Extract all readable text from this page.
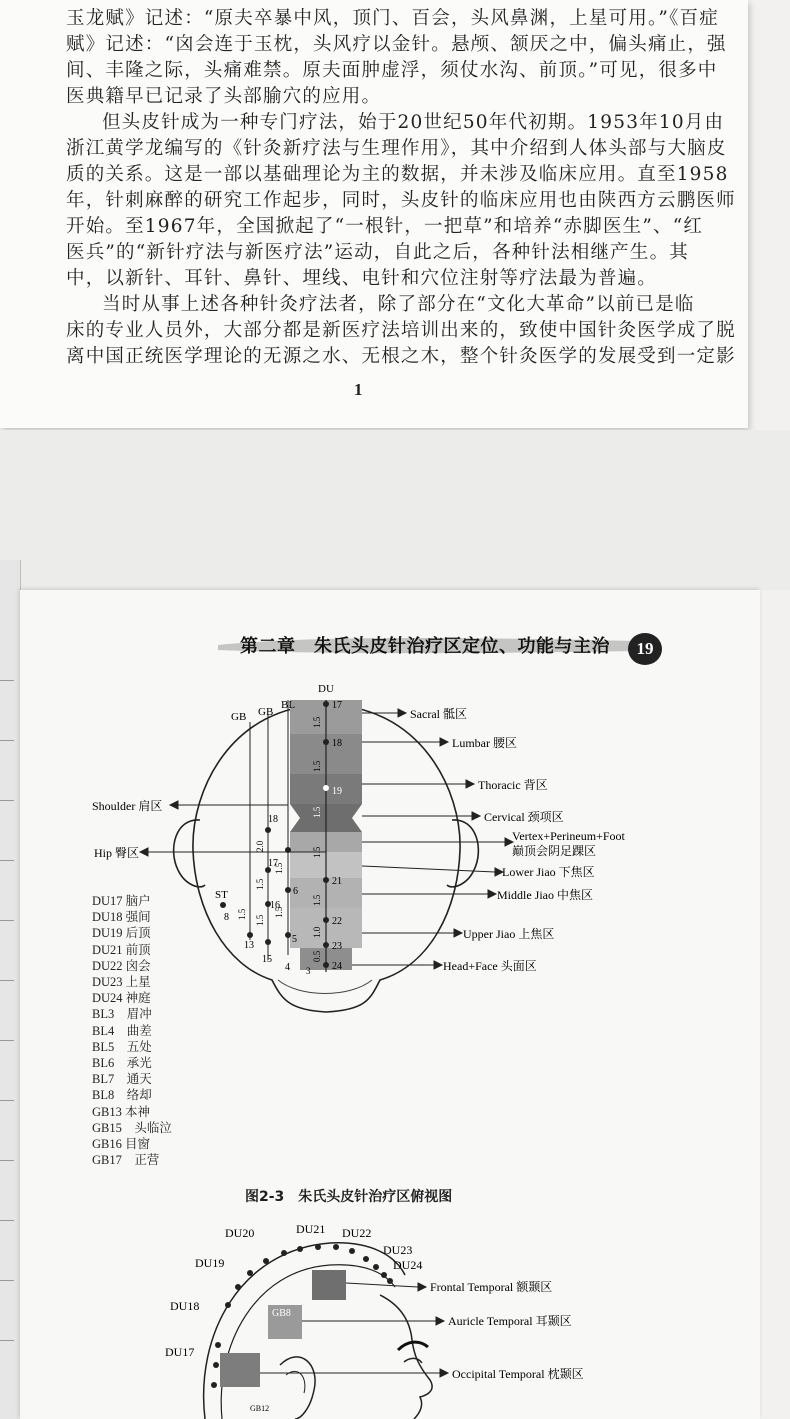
玉龙赋》记述：“原夫卒暴中风，顶门、百会，头风鼻渊，上星可用。”《百症
赋》记述：“囟会连于玉枕，头风疗以金针。悬颅、颔厌之中，偏头痛止，强
间、丰隆之际，头痛难禁。原夫面肿虚浮，须仗水沟、前顶。”可见，很多中
医典籍早已记录了头部腧穴的应用。
但头皮针成为一种专门疗法，始于20世纪50年代初期。1953年10月由
浙江黄学龙编写的《针灸新疗法与生理作用》，其中介绍到人体头部与大脑皮
质的关系。这是一部以基础理论为主的数据，并未涉及临床应用。直至1958
年，针刺麻醉的研究工作起步，同时，头皮针的临床应用也由陕西方云鹏医师
开始。至1967年，全国掀起了“一根针，一把草”和培养“赤脚医生”、“红
医兵”的“新针疗法与新医疗法”运动，自此之后，各种针法相继产生。其
中，以新针、耳针、鼻针、埋线、电针和穴位注射等疗法最为普遍。
当时从事上述各种针灸疗法者，除了部分在“文化大革命”以前已是临
床的专业人员外，大部分都是新医疗法培训出来的，致使中国针灸医学成了脱
离中国正统医学理论的无源之水、无根之木，整个针灸医学的发展受到一定影
1
第二章　朱氏头皮针治疗区定位、功能与主治	19
DU
BL
GB
GB
ST
17
18
19
21
22
23
24
6
5
4 3
18
17
16
15
13
8
1.5
1.5
1.5
1.5
1.5
1.0
0.5
1.5
1.5
2.0
1.5
1.5
1.5
Sacral 骶区
Lumbar 腰区
Thoracic 背区
Shoulder 肩区
Cervical 颈项区
Vertex+Perineum+Foot
巅顶会阴足踝区
Hip 臀区
Lower Jiao 下焦区
Middle Jiao 中焦区
Upper Jiao 上焦区
Head+Face 头面区
DU17 脑户
DU18 强间
DU19 后顶
DU21 前顶
DU22 囟会
DU23 上星
DU24 神庭
BL3　眉冲
BL4　曲差
BL5　五处
BL6　承光
BL7　通天
BL8　络却
GB13 本神
GB15　头临泣
GB16 目窗
GB17　正营
图2-3　朱氏头皮针治疗区俯视图
DU20	DU21 DU22
DU23
DU24
DU19
DU18
DU17
GB8
GB12
Frontal Temporal 额颞区
Auricle Temporal 耳颞区
Occipital Temporal 枕颞区
